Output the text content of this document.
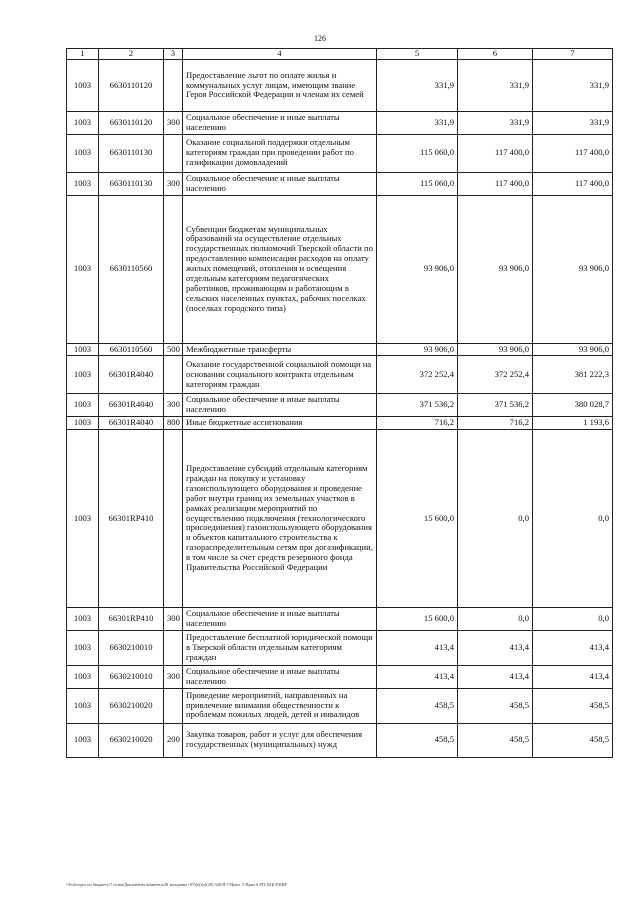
126
1	2	3	4	5	6	7
1003	6630110120		Предоставление льгот по оплате жилья и коммунальных услуг лицам, имеющим звание Героя Российской Федерации и членам их семей	331,9	331,9	331,9
1003	6630110120	300	Социальное обеспечение и иные выплаты населению	331,9	331,9	331,9
1003	6630110130		Оказание социальной поддержки отдельным категориям граждан при проведении работ по газификации домовладений	115 060,0	117 400,0	117 400,0
1003	6630110130	300	Социальное обеспечение и иные выплаты населению	115 060,0	117 400,0	117 400,0
1003	6630110560		Субвенции бюджетам муниципальных образований на осуществление отдельных государственных полномочий Тверской области по предоставлению компенсации расходов на оплату жилых помещений, отопления и освещения отдельным категориям педагогических работников, проживающим и работающим в сельских населенных пунктах, рабочих поселках (поселках городского типа)	93 906,0	93 906,0	93 906,0
1003	6630110560	500	Межбюджетные трансферты	93 906,0	93 906,0	93 906,0
1003	66301R4040		Оказание государственной социальной помощи на основании социального контракта отдельным категориям граждан	372 252,4	372 252,4	381 222,3
1003	66301R4040	300	Социальное обеспечение и иные выплаты населению	371 536,2	371 536,2	380 028,7
1003	66301R4040	800	Иные бюджетные ассигнования	716,2	716,2	1 193,6
1003	66301RP410		Предоставление субсидий отдельным категориям граждан на покупку и установку газоиспользующего оборудования и проведение работ внутри границ их земельных участков в рамках реализации мероприятий по осуществлению подключения (технологического присоединения) газоиспользующего оборудования и объектов капитального строительства к газораспределительным сетям при догазификации, в том числе за счет средств резервного фонда Правительства Российской Федерации	15 600,0	0,0	0,0
1003	66301RP410	300	Социальное обеспечение и иные выплаты населению	15 600,0	0,0	0,0
1003	6630210010		Предоставление бесплатной юридической помощи в Тверской области отдельным категориям граждан	413,4	413,4	413,4
1003	6630210010	300	Социальное обеспечение и иные выплаты населению	413,4	413,4	413,4
1003	6630210020		Проведение мероприятий, направленных на привлечение внимания общественности к проблемам пожилых людей, детей и инвалидов	458,5	458,5	458,5
1003	6630210020	200	Закупка товаров, работ и услуг для обеспечения государственных (муниципальных) нужд	458,5	458,5	458,5
\\Pcd\отдел по бюджету\7 сетка\Документы комитета\28 заседание (07)(е)\(е)(28) 346-П-7\Прил. 5 Прил 6 РП, КЦСР,КВР
